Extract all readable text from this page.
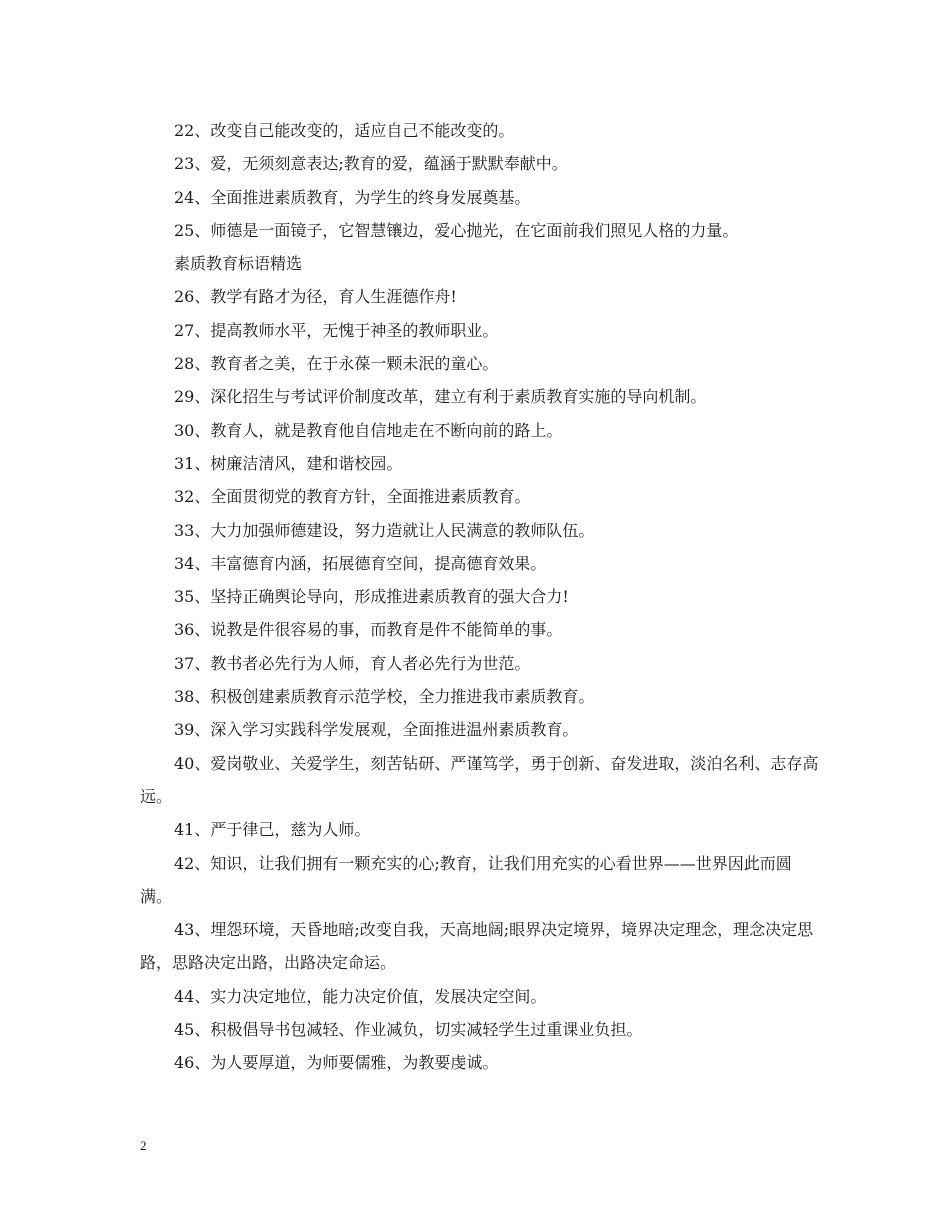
22、改变自己能改变的，适应自己不能改变的。

23、爱，无须刻意表达;教育的爱，蕴涵于默默奉献中。

24、全面推进素质教育，为学生的终身发展奠基。

25、师德是一面镜子，它智慧镶边，爱心抛光，在它面前我们照见人格的力量。

素质教育标语精选

26、教学有路才为径，育人生涯德作舟!

27、提高教师水平，无愧于神圣的教师职业。

28、教育者之美，在于永葆一颗未泯的童心。

29、深化招生与考试评价制度改革，建立有利于素质教育实施的导向机制。

30、教育人，就是教育他自信地走在不断向前的路上。

31、树廉洁清风，建和谐校园。

32、全面贯彻党的教育方针，全面推进素质教育。

33、大力加强师德建设，努力造就让人民满意的教师队伍。

34、丰富德育内涵，拓展德育空间，提高德育效果。

35、坚持正确舆论导向，形成推进素质教育的强大合力!

36、说教是件很容易的事，而教育是件不能简单的事。

37、教书者必先行为人师，育人者必先行为世范。

38、积极创建素质教育示范学校，全力推进我市素质教育。

39、深入学习实践科学发展观，全面推进温州素质教育。

40、爱岗敬业、关爱学生，刻苦钻研、严谨笃学，勇于创新、奋发进取，淡泊名利、志存高远。

41、严于律己，慈为人师。

42、知识，让我们拥有一颗充实的心;教育，让我们用充实的心看世界——世界因此而圆满。

43、埋怨环境，天昏地暗;改变自我，天高地阔;眼界决定境界，境界决定理念，理念决定思路，思路决定出路，出路决定命运。

44、实力决定地位，能力决定价值，发展决定空间。

45、积极倡导书包减轻、作业减负，切实减轻学生过重课业负担。

46、为人要厚道，为师要儒雅，为教要虔诚。

2
